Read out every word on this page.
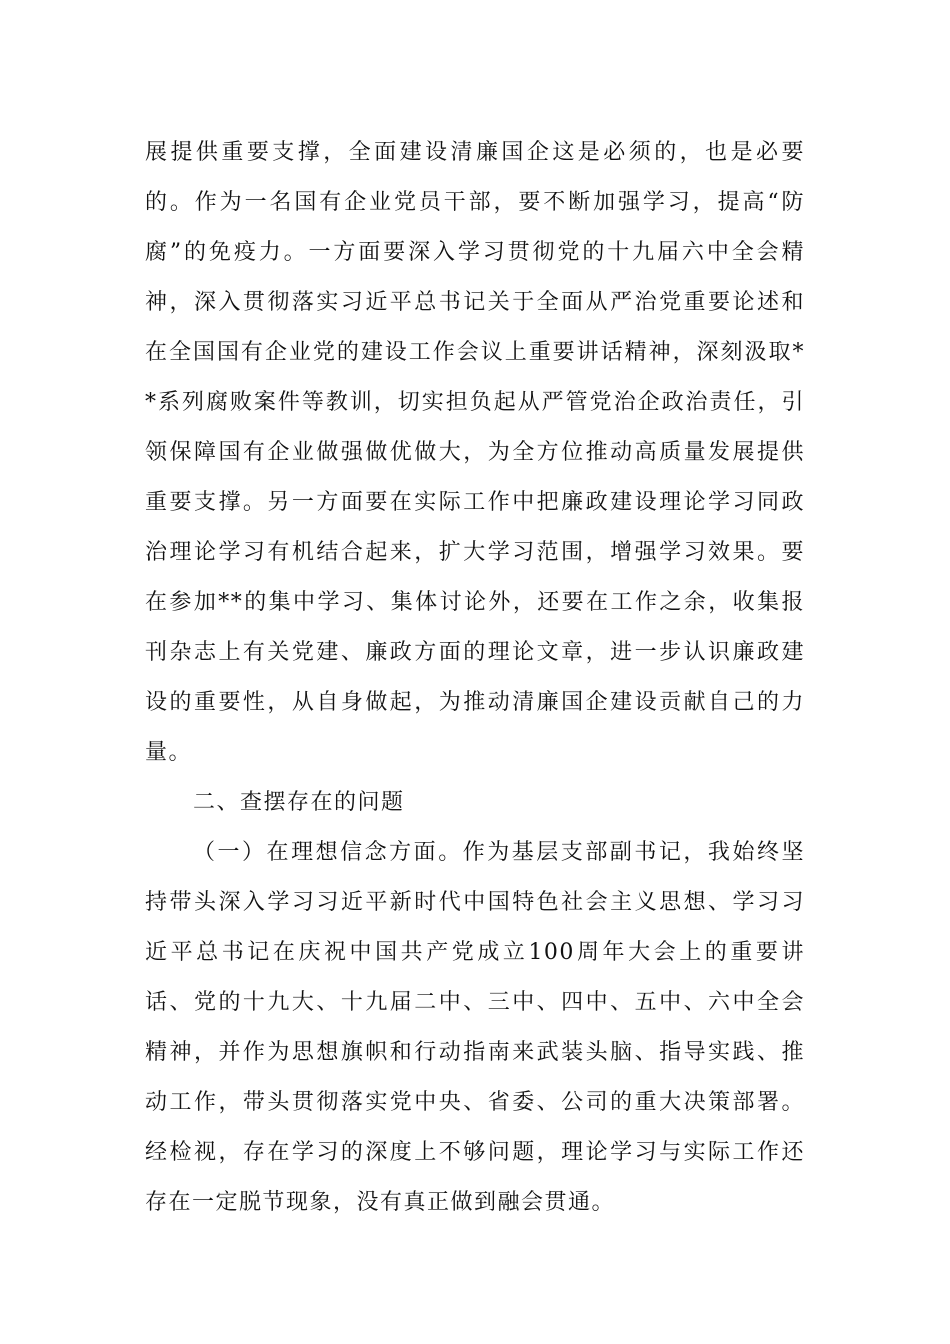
展提供重要支撑，全面建设清廉国企这是必须的，也是必要
的。作为一名国有企业党员干部，要不断加强学习，提高“防
腐”的免疫力。一方面要深入学习贯彻党的十九届六中全会精
神，深入贯彻落实习近平总书记关于全面从严治党重要论述和
在全国国有企业党的建设工作会议上重要讲话精神，深刻汲取*
*系列腐败案件等教训，切实担负起从严管党治企政治责任，引
领保障国有企业做强做优做大，为全方位推动高质量发展提供
重要支撑。另一方面要在实际工作中把廉政建设理论学习同政
治理论学习有机结合起来，扩大学习范围，增强学习效果。要
在参加**的集中学习、集体讨论外，还要在工作之余，收集报
刊杂志上有关党建、廉政方面的理论文章，进一步认识廉政建
设的重要性，从自身做起，为推动清廉国企建设贡献自己的力
量。
二、查摆存在的问题
（一）在理想信念方面。作为基层支部副书记，我始终坚
持带头深入学习习近平新时代中国特色社会主义思想、学习习
近平总书记在庆祝中国共产党成立100周年大会上的重要讲
话、党的十九大、十九届二中、三中、四中、五中、六中全会
精神，并作为思想旗帜和行动指南来武装头脑、指导实践、推
动工作，带头贯彻落实党中央、省委、公司的重大决策部署。
经检视，存在学习的深度上不够问题，理论学习与实际工作还
存在一定脱节现象，没有真正做到融会贯通。
